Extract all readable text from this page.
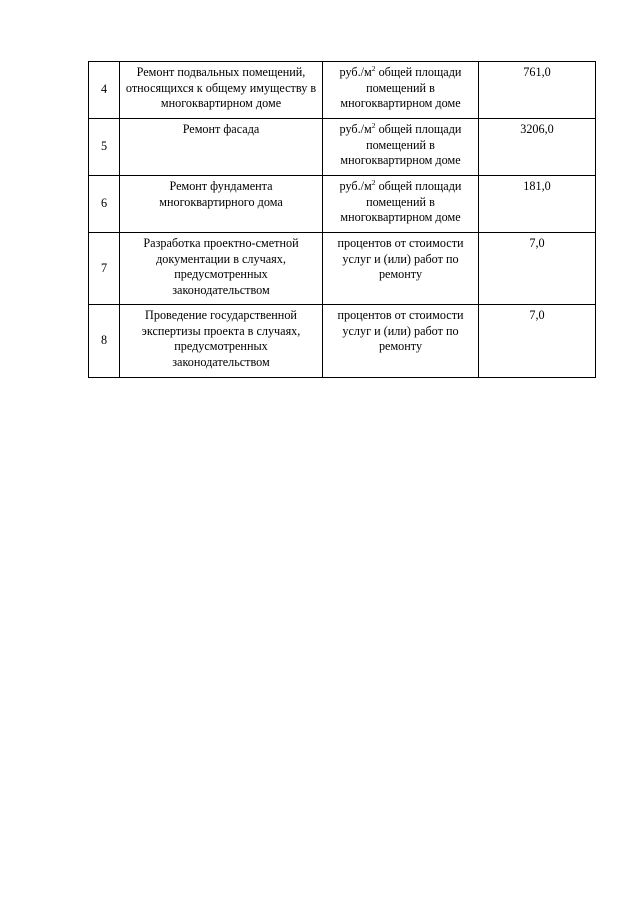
4	Ремонт подвальных помещений, относящихся к общему имуществу в многоквартирном доме	$руб./м^2$ общей площади помещений в многоквартирном доме	761,0
5	Ремонт фасада	$руб./м^2$ общей площади помещений в многоквартирном доме	3206,0
6	Ремонт фундамента многоквартирного дома	$руб./м^2$ общей площади помещений в многоквартирном доме	181,0
7	Разработка проектно-сметной документации в случаях, предусмотренных законодательством	процентов от стоимости услуг и (или) работ по ремонту	7,0
8	Проведение государственной экспертизы проекта в случаях, предусмотренных законодательством	процентов от стоимости услуг и (или) работ по ремонту	7,0
